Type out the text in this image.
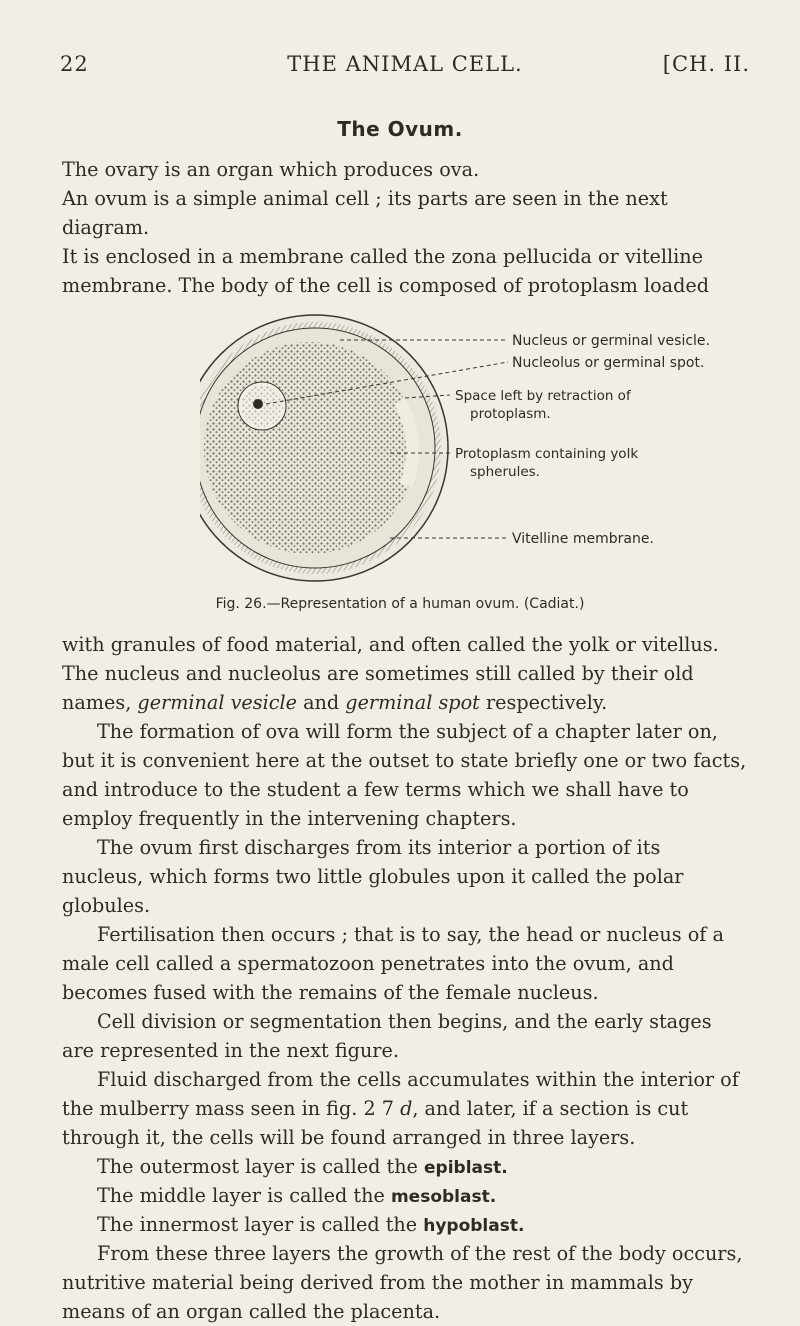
22	THE ANIMAL CELL.	[CH. II.
The Ovum.

The ovary is an organ which produces ova.

An ovum is a simple animal cell ; its parts are seen in the next diagram.

It is enclosed in a membrane called the zona pellucida or vitelline membrane. The body of the cell is composed of protoplasm loaded

Nucleus or germinal vesicle.
Nucleolus or germinal spot.
Space left by retraction of
protoplasm.
Protoplasm containing yolk
spherules.
Vitelline membrane.
Fig. 26.—Representation of a human ovum. (Cadiat.)

with granules of food material, and often called the yolk or vitellus. The nucleus and nucleolus are sometimes still called by their old names, germinal vesicle and germinal spot respectively.

The formation of ova will form the subject of a chapter later on, but it is convenient here at the outset to state briefly one or two facts, and introduce to the student a few terms which we shall have to employ frequently in the intervening chapters.

The ovum first discharges from its interior a portion of its nucleus, which forms two little globules upon it called the polar globules.

Fertilisation then occurs ; that is to say, the head or nucleus of a male cell called a spermatozoon penetrates into the ovum, and becomes fused with the remains of the female nucleus.

Cell division or segmentation then begins, and the early stages are represented in the next figure.

Fluid discharged from the cells accumulates within the interior of the mulberry mass seen in fig. 2 7 d, and later, if a section is cut through it, the cells will be found arranged in three layers.

The outermost layer is called the epiblast.

The middle layer is called the mesoblast.

The innermost layer is called the hypoblast.

From these three layers the growth of the rest of the body occurs, nutritive material being derived from the mother in mammals by means of an organ called the placenta.
